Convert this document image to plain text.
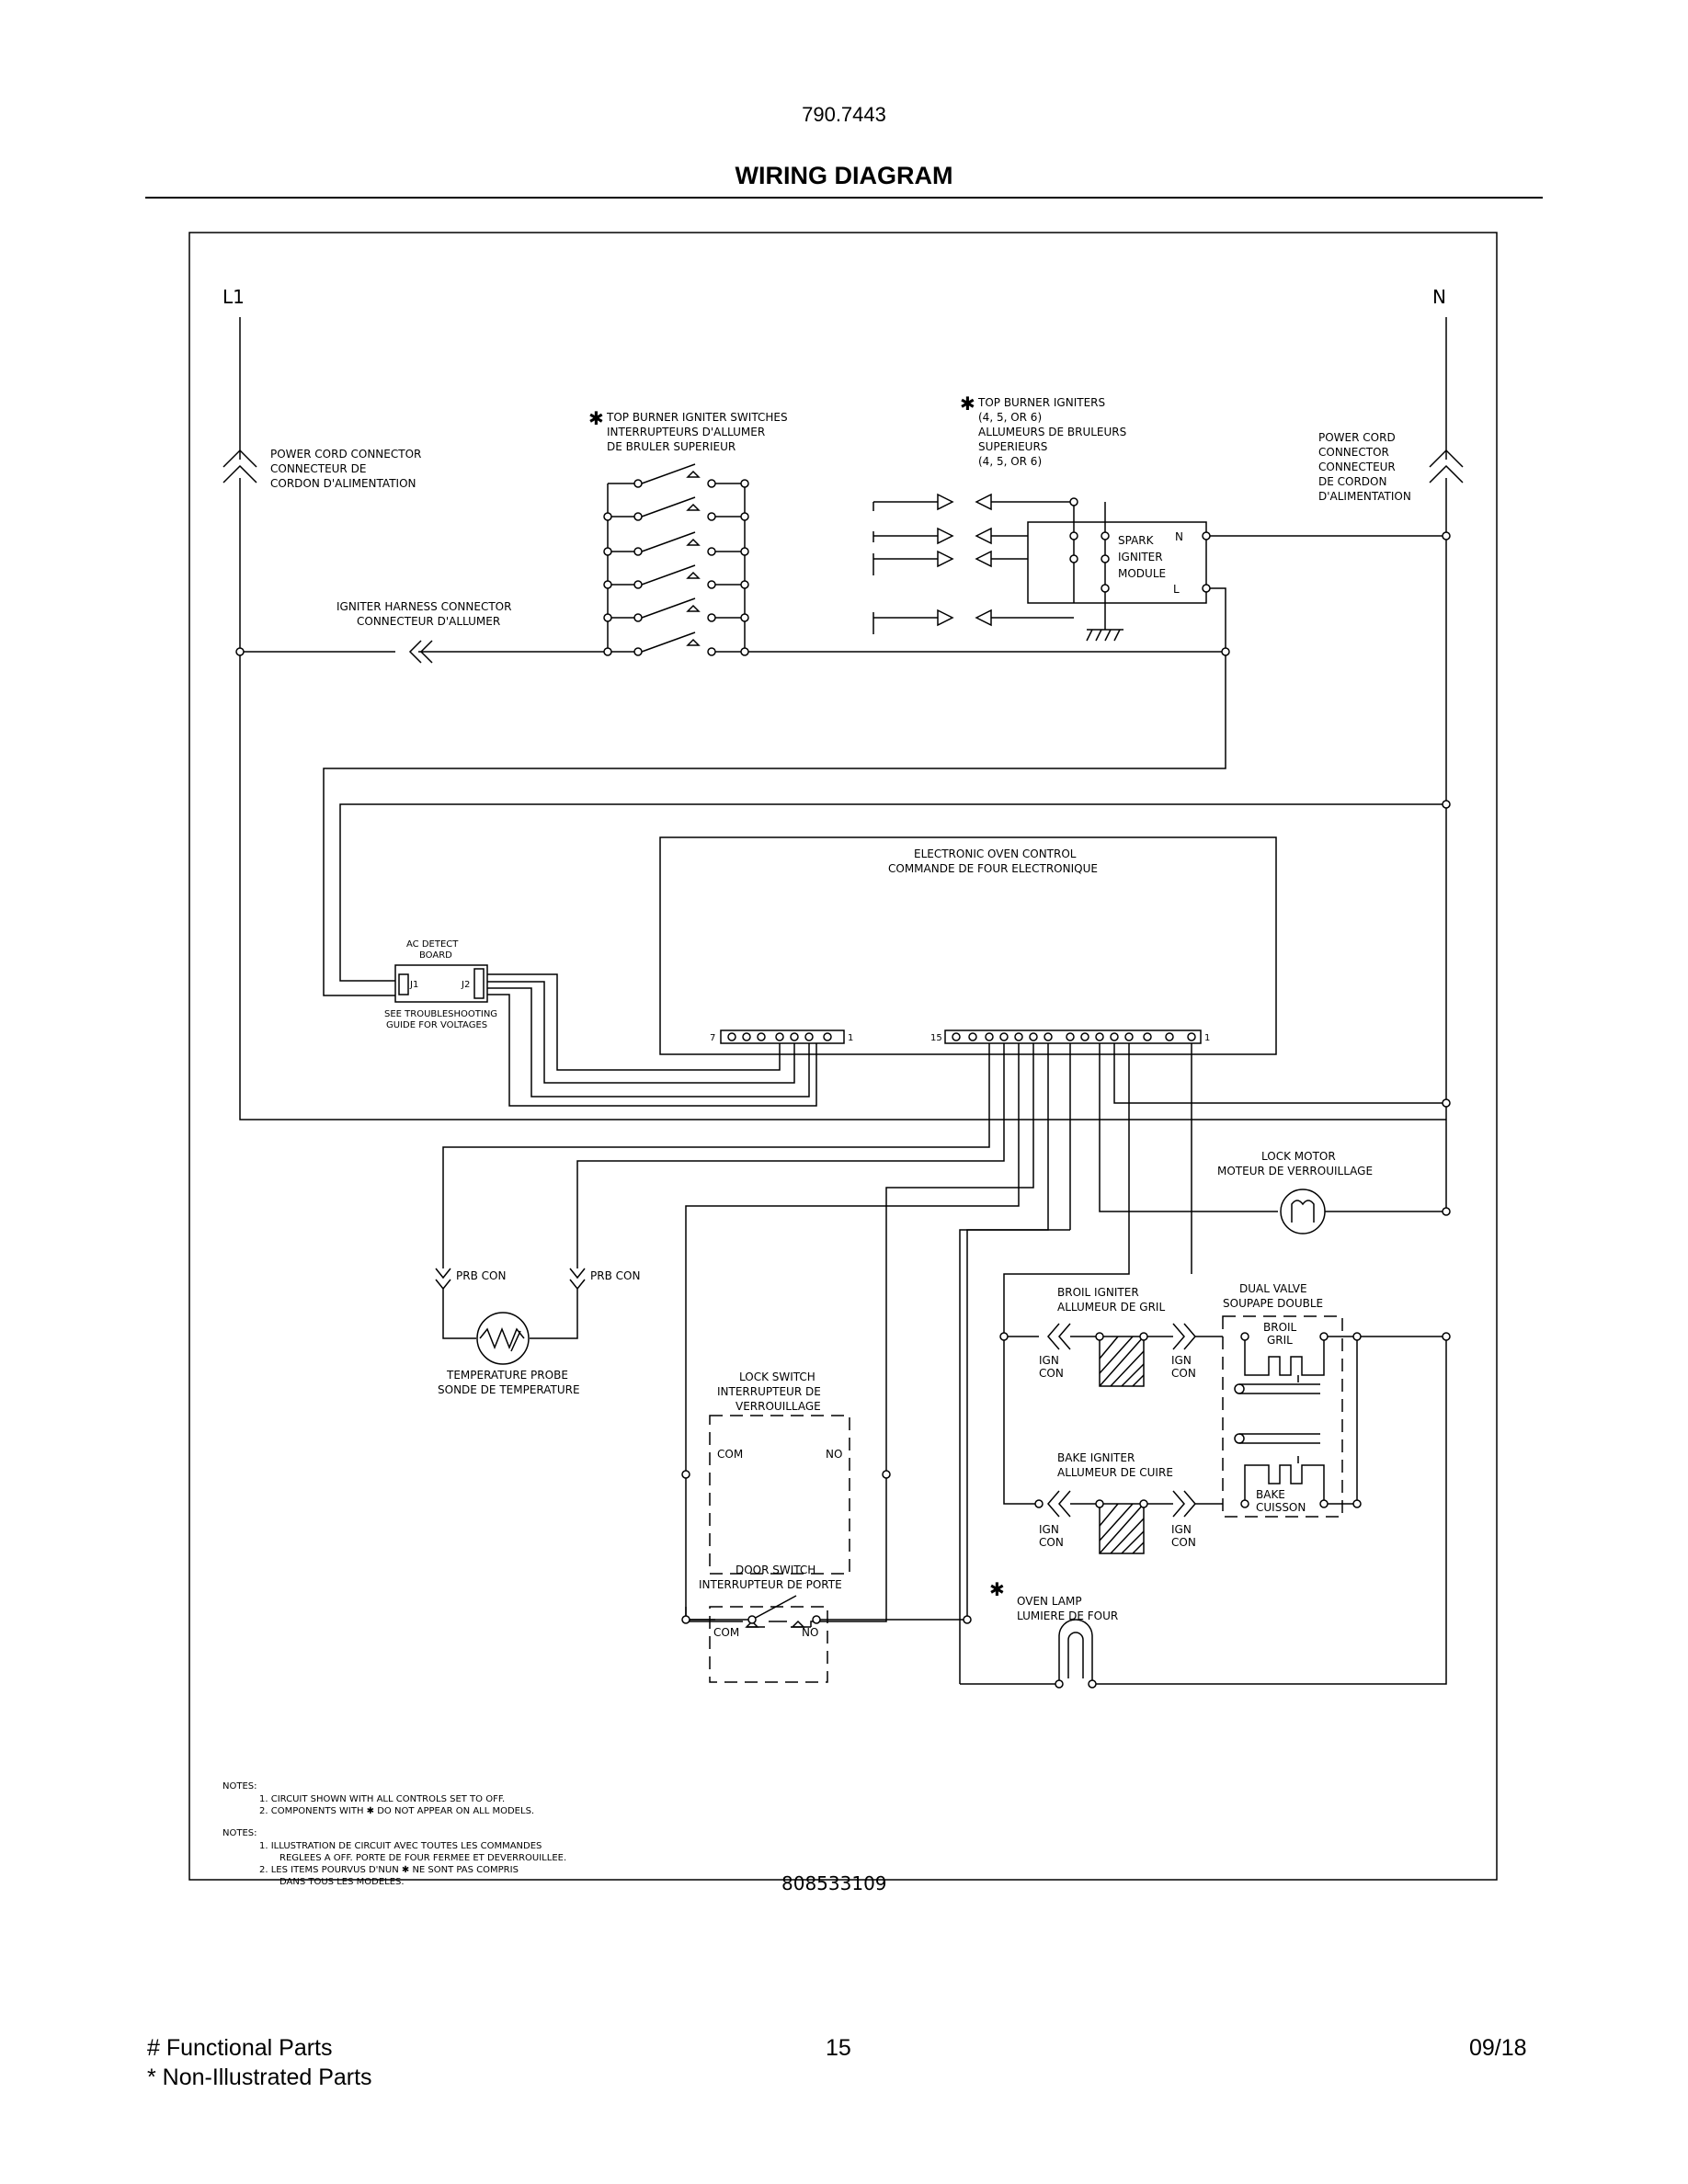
790.7443
WIRING DIAGRAM
L1	N
POWER CORD CONNECTOR
CONNECTEUR DE
CORDON D'ALIMENTATION
POWER CORD
CONNECTOR
CONNECTEUR
DE CORDON
D'ALIMENTATION
✱ TOP BURNER IGNITER SWITCHES
INTERRUPTEURS D'ALLUMER
DE BRULER SUPERIEUR
✱ TOP BURNER IGNITERS
(4, 5, OR 6)
ALLUMEURS DE BRULEURS
SUPERIEURS
(4, 5, OR 6)
SPARK
IGNITER
MODULE
N
L
IGNITER HARNESS CONNECTOR
CONNECTEUR D'ALLUMER
ELECTRONIC OVEN CONTROL
COMMANDE DE FOUR ELECTRONIQUE
AC DETECT
BOARD
J1	J2
SEE TROUBLESHOOTING
GUIDE FOR VOLTAGES
7	1	15	1
LOCK MOTOR
MOTEUR DE VERROUILLAGE
PRB CON	PRB CON
TEMPERATURE PROBE
SONDE DE TEMPERATURE
BROIL IGNITER
ALLUMEUR DE GRIL
DUAL VALVE
SOUPAPE DOUBLE
BROIL
GRIL
IGN
CON
IGN
CON
BAKE IGNITER
ALLUMEUR DE CUIRE
BAKE
CUISSON
IGN
CON
IGN
CON
LOCK SWITCH
INTERRUPTEUR DE
VERROUILLAGE
COM	NO
DOOR SWITCH
INTERRUPTEUR DE PORTE
COM	NO
✱
OVEN LAMP
LUMIERE DE FOUR
NOTES:
1. CIRCUIT SHOWN WITH ALL CONTROLS SET TO OFF.
2. COMPONENTS WITH ✱ DO NOT APPEAR ON ALL MODELS.
NOTES:
1. ILLUSTRATION DE CIRCUIT AVEC TOUTES LES COMMANDES
REGLEES A OFF. PORTE DE FOUR FERMEE ET DEVERROUILLEE.
2. LES ITEMS POURVUS D'NUN ✱ NE SONT PAS COMPRIS
DANS TOUS LES MODELES.	808533109
# Functional Parts
* Non-Illustrated Parts
15	09/18
